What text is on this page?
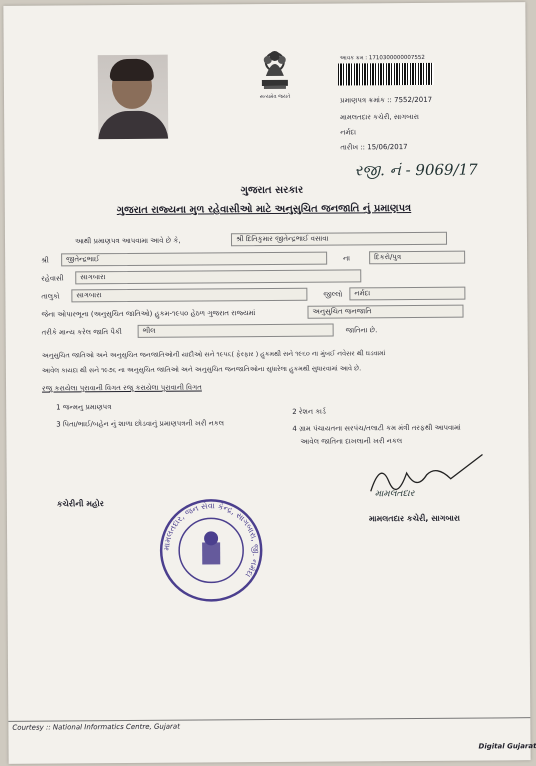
સત્યમેવ જયતે
આવક ક્રમ : 1710300000007552
પ્રમાણપત્ર ક્રમાંક :: 7552/2017
મામલતદાર કચેરી, સાગબારા
નર્મદા
તારીખ :: 15/06/2017
રજી. નં - 9069/17
ગુજરાત સરકાર
ગુજરાત રાજ્યના મુળ રહેવાસીઓ માટે અનુસુચિત જનજાતિ નું પ્રમાણપત્ર
આથી પ્રમાણપત્ર આપવામા આવે છે કે,	શ્રી દિતિકુમાર જીતેન્દ્રભાઈ વસાવા
શ્રી	જીતેન્દ્રભાઈ	ના	દિકરો/પુત્ર
રહેવાસી	સાગબારા
તાલુકો	સાગબારા	જીલ્લો	નર્મદા
જેના ઓપારભૂના (અનુસુચિત જાતિઓ) હુકમ-૧૯૫૦ હેઠળ ગુજરાત રાજ્યમાં	અનુસુચિત જનજાતિ
તરીકે માન્ય કરેલ જાતિ પૈકી	ભીલ	જાતિના છે.
અનુસુચિત જાતિઓ અને અનુસુચિત જનજાતિઓની યાદીઓ સને ૧૯૫૬( ફેરફાર ) હુકમથી સને ૧૯૬૦ ના મુંબઈ નવેસર થી ઘડવામાં
આવેલ કાયદા થી સને ૧૯૭૬ ના અનુસુચિત જાતિઓ અને અનુસુચિત જનજાતિઓના સુધારેલા હુકમથી સુધારવામાં આવે છે.
રજુ કરાયેલા પુરાવાની વિગત રજુ કરાયેલા પુરાવાની વિગત
1 જન્મનુ પ્રમાણપત્ર
2 રેશન કાર્ડ
3 પિતા/ભાઈ/બહેન નું શાળા છોડવાનું પ્રમાણપત્રની ખરી નકલ	4 ગ્રામ પંચાયતના સરપંચ/તલાટી કમ મંત્રી તરફથી આપવામાં
આવેલ જાતિના દાખલાની ખરી નકલ
મામલતદાર
મામલતદાર કચેરી, સાગબારા
કચેરીની મહોર
મામલતદાર, જન સેવા કેન્દ્ર, સાગબારા, જી. નર્મદા
Courtesy :: National Informatics Centre, Gujarat
Digital Gujarat
